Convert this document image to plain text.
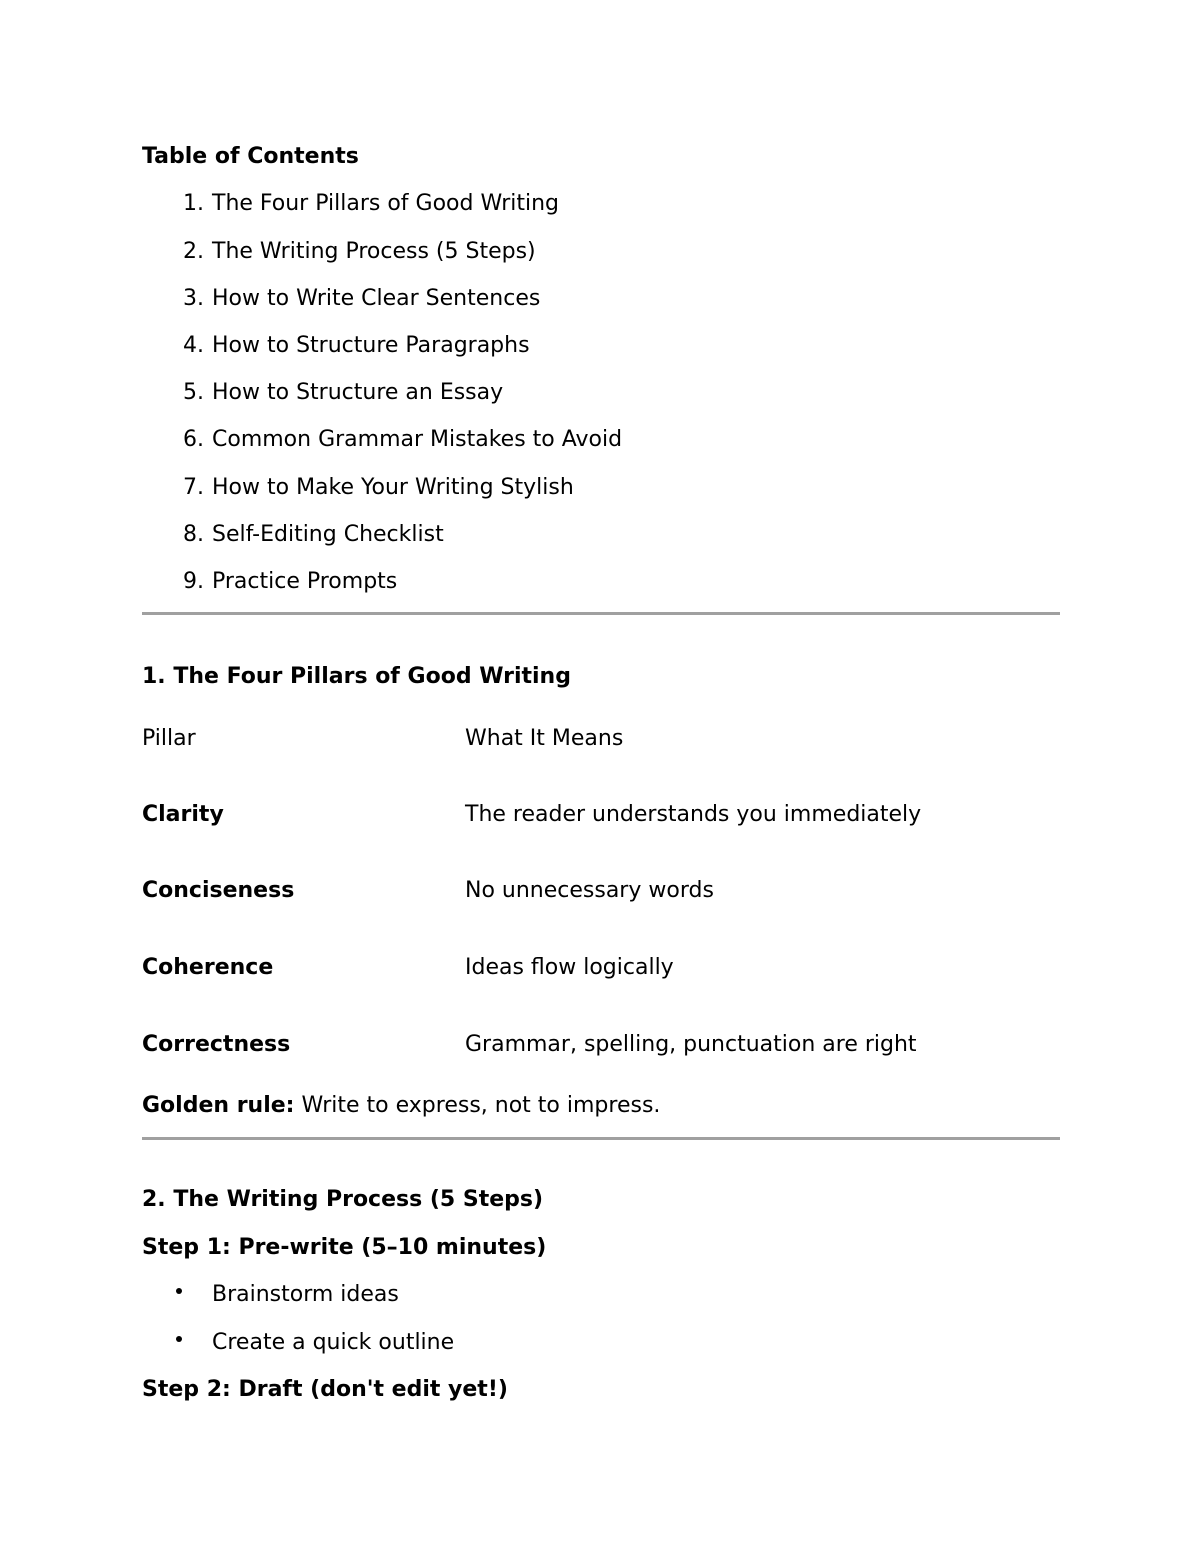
Table of Contents
1. The Four Pillars of Good Writing
2. The Writing Process (5 Steps)
3. How to Write Clear Sentences
4. How to Structure Paragraphs
5. How to Structure an Essay
6. Common Grammar Mistakes to Avoid
7. How to Make Your Writing Stylish
8. Self-Editing Checklist
9. Practice Prompts
1. The Four Pillars of Good Writing
Pillar	What It Means
Clarity	The reader understands you immediately
Conciseness	No unnecessary words
Coherence	Ideas flow logically
Correctness	Grammar, spelling, punctuation are right
Golden rule: Write to express, not to impress.
2. The Writing Process (5 Steps)
Step 1: Pre-write (5–10 minutes)
Brainstorm ideas
Create a quick outline
Step 2: Draft (don't edit yet!)
